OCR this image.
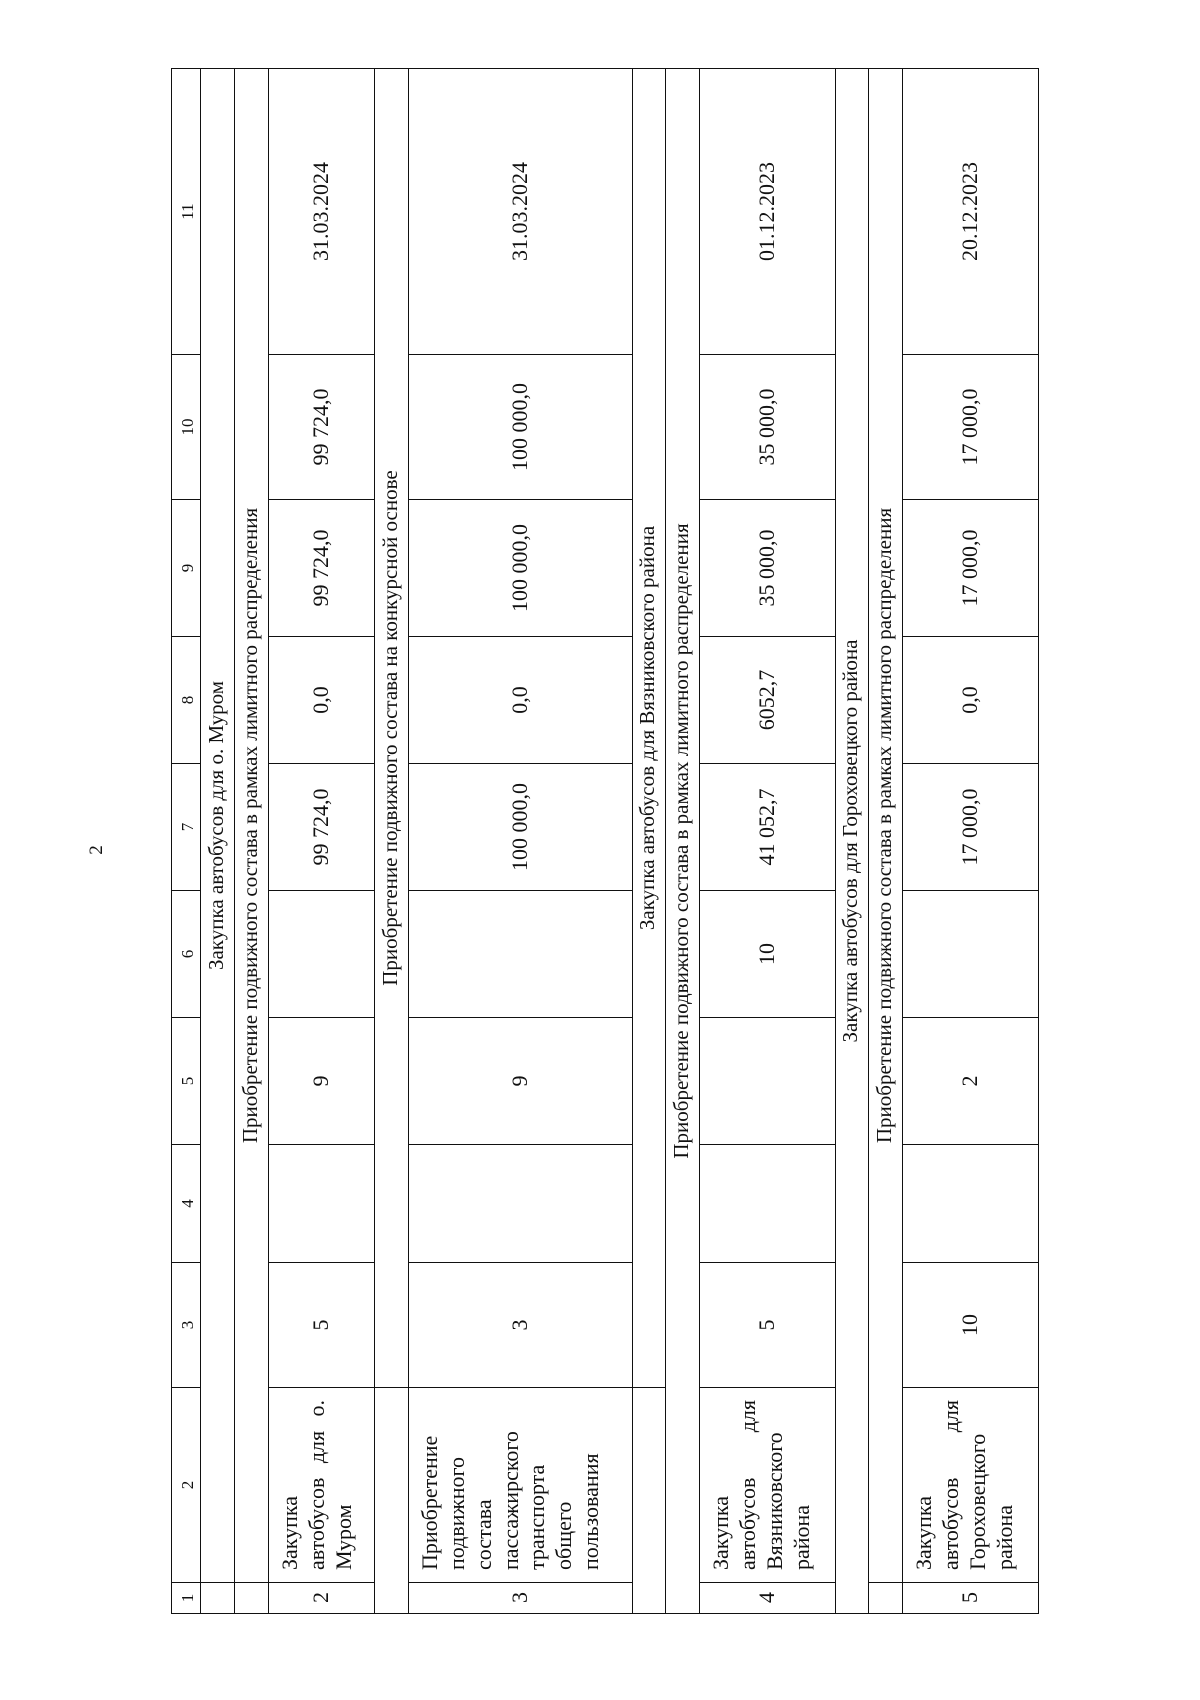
2
1	2	3	4	5	6	7	8	9	10	11
	Закупка автобусов для о. Муром									
	Приобретение подвижного состава в рамках лимитного распределения									
2	Закупка автобусов для о. Муром	5		9		99 724,0	0,0	99 724,0	99 724,0	31.03.2024
		Приобретение подвижного состава на конкурсной основе								
3	Приобретение подвижного состава пассажирского транспорта общего пользования	3		9		100 000,0	0,0	100 000,0	100 000,0	31.03.2024
		Закупка автобусов для Вязниковского района								
Приобретение подвижного состава в рамках лимитного распределения										
4	Закупка автобусов для Вязниковского района	5			10	41 052,7	6052,7	35 000,0	35 000,0	01.12.2023
Закупка автобусов для Гороховецкого района										
	Приобретение подвижного состава в рамках лимитного распределения									
5	Закупка автобусов для Гороховецкого района	10		2		17 000,0	0,0	17 000,0	17 000,0	20.12.2023
